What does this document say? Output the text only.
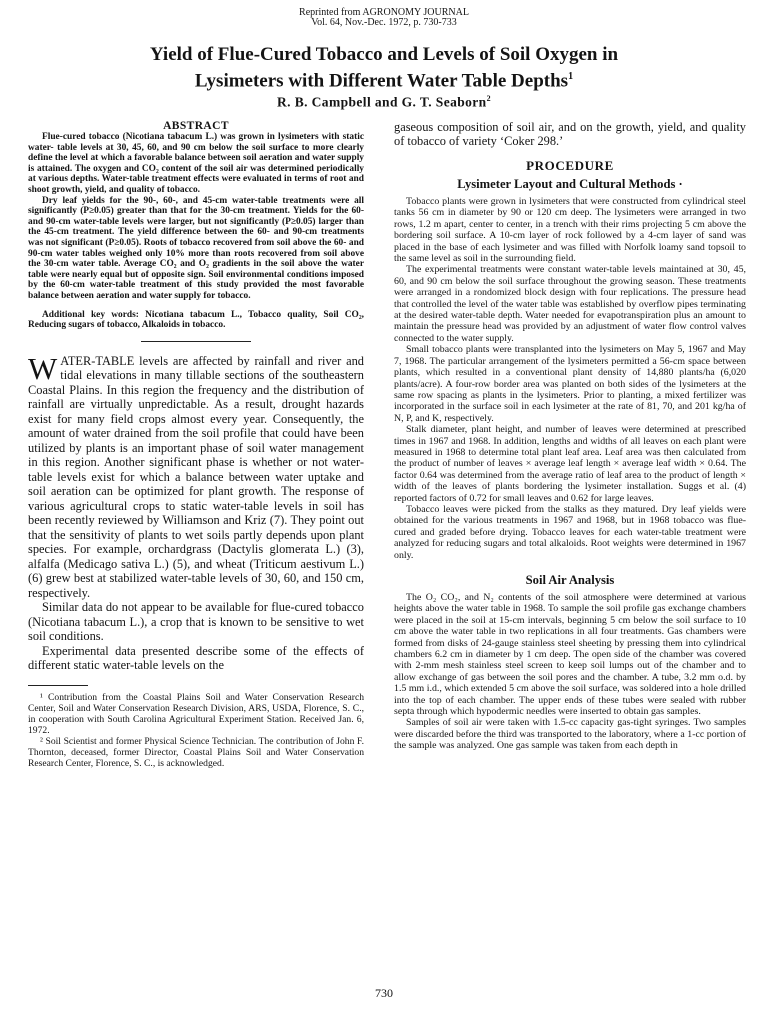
Reprinted from AGRONOMY JOURNAL
Vol. 64, Nov.-Dec. 1972, p. 730-733
Yield of Flue-Cured Tobacco and Levels of Soil Oxygen in
Lysimeters with Different Water Table Depths$^1$
R. B. Campbell and G. T. Seaborn$^2$
ABSTRACT

Flue-cured tobacco (Nicotiana tabacum L.) was grown in lysimeters with static water- table levels at 30, 45, 60, and 90 cm below the soil surface to more clearly define the level at which a favorable balance between soil aeration and water supply is attained. The oxygen and CO₂ content of the soil air was determined periodically at various depths. Water-table treatment effects were evaluated in terms of root and shoot growth, yield, and quality of tobacco.

Dry leaf yields for the 90-, 60-, and 45-cm water-table treatments were all significantly (P≥0.05) greater than that for the 30-cm treatment. Yields for the 60- and 90-cm water-table levels were larger, but not significantly (P≥0.05) larger than the 45-cm treatment. The yield difference between the 60- and 90-cm treatments was not significant (P≥0.05). Roots of tobacco recovered from soil above the 60- and 90-cm water tables weighed only 10% more than roots recovered from soil above the 30-cm water table. Average CO₂ and O₂ gradients in the soil above the water table were nearly equal but of opposite sign. Soil environmental conditions imposed by the 60-cm water-table treatment of this study provided the most favorable balance between aeration and water supply for tobacco.

Additional key words: Nicotiana tabacum L., Tobacco quality, Soil CO₂, Reducing sugars of tobacco, Alkaloids in tobacco.

WATER-TABLE levels are affected by rainfall and river and tidal elevations in many tillable sections of the southeastern Coastal Plains. In this region the frequency and the distribution of rainfall are virtually unpredictable. As a result, drought hazards exist for many field crops almost every year. Consequently, the amount of water drained from the soil profile that could have been utilized by plants is an important phase of soil water management in this region. Another significant phase is whether or not water-table levels exist for which a balance between water uptake and soil aeration can be optimized for plant growth. The response of various agricultural crops to static water-table levels in soil has been recently reviewed by Williamson and Kriz (7). They point out that the sensitivity of plants to wet soils partly depends upon plant species. For example, orchardgrass (Dactylis glomerata L.) (3), alfalfa (Medicago sativa L.) (5), and wheat (Triticum aestivum L.) (6) grew best at stabilized water-table levels of 30, 60, and 150 cm, respectively.

Similar data do not appear to be available for flue-cured tobacco (Nicotiana tabacum L.), a crop that is known to be sensitive to wet soil conditions.

Experimental data presented describe some of the effects of different static water-table levels on the

¹ Contribution from the Coastal Plains Soil and Water Conservation Research Center, Soil and Water Conservation Research Division, ARS, USDA, Florence, S. C., in cooperation with South Carolina Agricultural Experiment Station. Received Jan. 6, 1972.

² Soil Scientist and former Physical Science Technician. The contribution of John F. Thornton, deceased, former Director, Coastal Plains Soil and Water Conservation Research Center, Florence, S. C., is acknowledged.

gaseous composition of soil air, and on the growth, yield, and quality of tobacco of variety ‘Coker 298.’

PROCEDURE
Lysimeter Layout and Cultural Methods ·

Tobacco plants were grown in lysimeters that were constructed from cylindrical steel tanks 56 cm in diameter by 90 or 120 cm deep. The lysimeters were arranged in two rows, 1.2 m apart, center to center, in a trench with their rims projecting 5 cm above the bordering soil surface. A 10-cm layer of rock followed by a 4-cm layer of sand was placed in the base of each lysimeter and was filled with Norfolk loamy sand topsoil to the same level as soil in the surrounding field.

The experimental treatments were constant water-table levels maintained at 30, 45, 60, and 90 cm below the soil surface throughout the growing season. These treatments were arranged in a rondomized block design with four replications. The pressure head that controlled the level of the water table was established by overflow pipes terminating at the desired water-table depth. Water needed for evapotranspiration plus an amount to maintain the pressure head was provided by an adjustment of water flow control valves connected to the water supply.

Small tobacco plants were transplanted into the lysimeters on May 5, 1967 and May 7, 1968. The particular arrangement of the lysimeters permitted a 56-cm space between plants, which resulted in a conventional plant density of 14,880 plants/ha (6,020 plants/acre). A four-row border area was planted on both sides of the lysimeters at the same row spacing as plants in the lysimeters. Prior to planting, a mixed fertilizer was incorporated in the surface soil in each lysimeter at the rate of 81, 70, and 201 kg/ha of N, P, and K, respectively.

Stalk diameter, plant height, and number of leaves were determined at prescribed times in 1967 and 1968. In addition, lengths and widths of all leaves on each plant were measured in 1968 to determine total plant leaf area. Leaf area was then calculated from the product of number of leaves × average leaf length × average leaf width × 0.64. The factor 0.64 was determined from the average ratio of leaf area to the product of length × width of the leaves of plants bordering the lysimeter installation. Suggs et al. (4) reported factors of 0.72 for small leaves and 0.62 for large leaves.

Tobacco leaves were picked from the stalks as they matured. Dry leaf yields were obtained for the various treatments in 1967 and 1968, but in 1968 tobacco was flue-cured and graded before drying. Tobacco leaves for each water-table treatment were analyzed for reducing sugars and total alkaloids. Root weights were determined in 1967 only.

Soil Air Analysis

The O₂ CO₂, and N₂ contents of the soil atmosphere were determined at various heights above the water table in 1968. To sample the soil profile gas exchange chambers were placed in the soil at 15-cm intervals, beginning 5 cm below the soil surface to 10 cm above the water table in two replications in all four treatments. Gas chambers were formed from disks of 24-gauge stainless steel sheeting by pressing them into cylindrical chambers 6.2 cm in diameter by 1 cm deep. The open side of the chamber was covered with 2-mm mesh stainless steel screen to keep soil lumps out of the chamber and to allow exchange of gas between the soil pores and the chamber. A tube, 3.2 mm o.d. by 1.5 mm i.d., which extended 5 cm above the soil surface, was soldered into a hole drilled into the top of each chamber. The upper ends of these tubes were sealed with rubber septa through which hypodermic needles were inserted to obtain gas samples.

Samples of soil air were taken with 1.5-cc capacity gas-tight syringes. Two samples were discarded before the third was transported to the laboratory, where a 1-cc portion of the sample was analyzed. One gas sample was taken from each depth in

730
